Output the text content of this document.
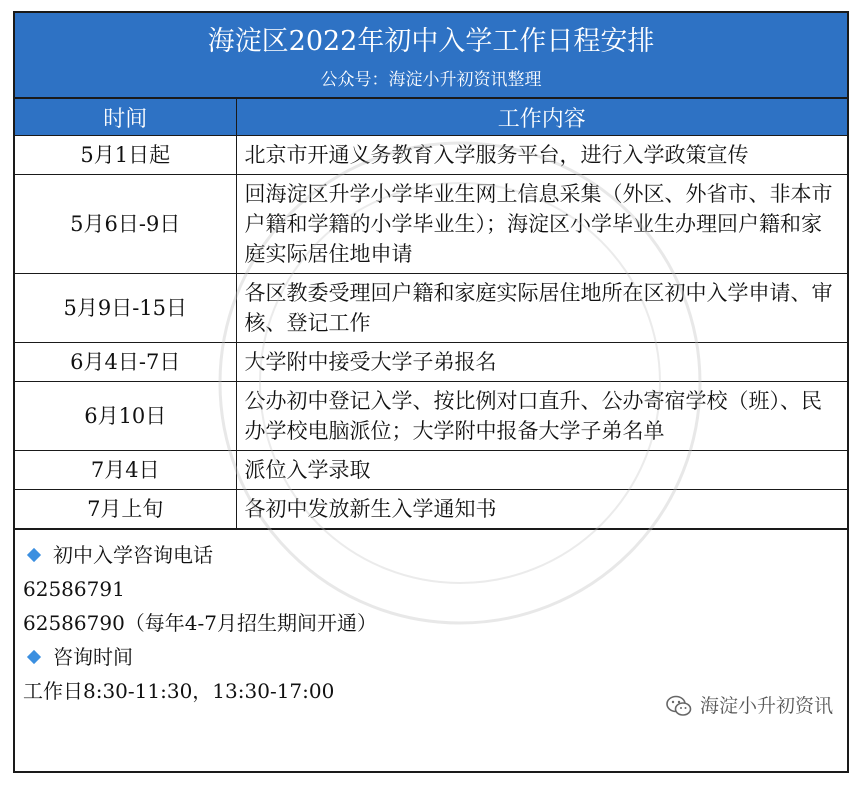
海淀区2022年初中入学工作日程安排
公众号：海淀小升初资讯整理
时间	工作内容
5月1日起	北京市开通义务教育入学服务平台，进行入学政策宣传
5月6日-9日	回海淀区升学小学毕业生网上信息采集（外区、外省市、非本市户籍和学籍的小学毕业生）；海淀区小学毕业生办理回户籍和家庭实际居住地申请
5月9日-15日	各区教委受理回户籍和家庭实际居住地所在区初中入学申请、审核、登记工作
6月4日-7日	大学附中接受大学子弟报名
6月10日	公办初中登记入学、按比例对口直升、公办寄宿学校（班）、民办学校电脑派位；大学附中报备大学子弟名单
7月4日	派位入学录取
7月上旬	各初中发放新生入学通知书
初中入学咨询电话
62586791
62586790（每年4-7月招生期间开通）
咨询时间
工作日8:30-11:30，13:30-17:00
海淀小升初资讯
